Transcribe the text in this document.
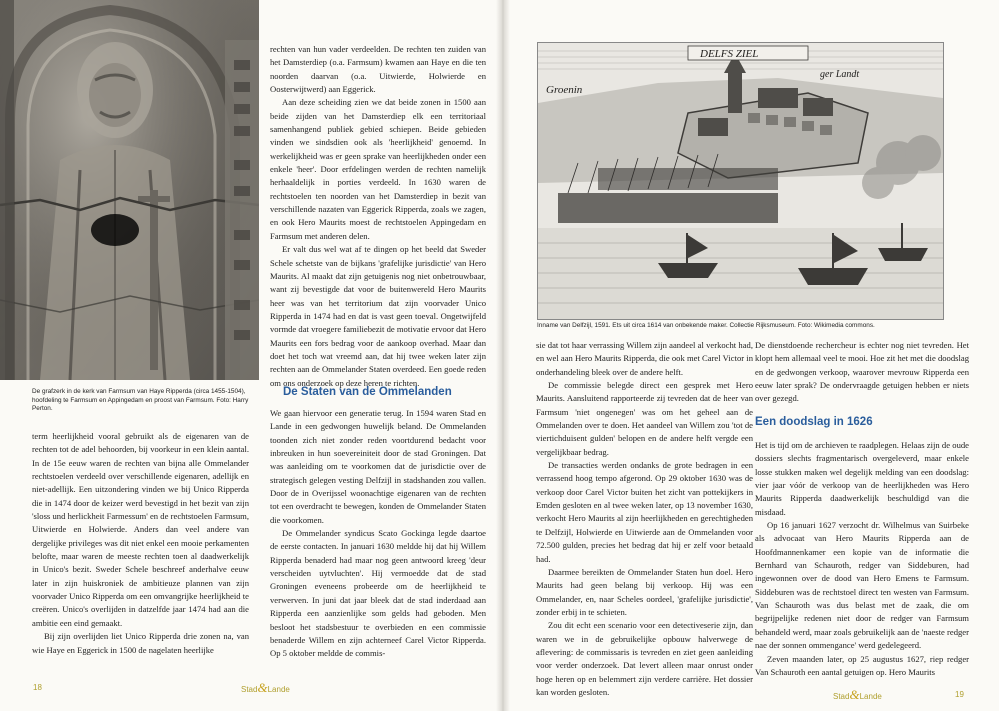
De grafzerk in de kerk van Farmsum van Haye Ripperda (circa 1455-1504), hoofdeling te Farmsum en Appingedam en proost van Farmsum. Foto: Harry Perton.

term heerlijkheid vooral gebruikt als de eigenaren van de rechten tot de adel behoorden, bij voorkeur in een klein aantal. In de 15e eeuw waren de rechten van bijna alle Ommelander rechtstoelen verdeeld over verschillende eigenaren, adellijk en niet-adellijk. Een uitzondering vinden we bij Unico Ripperda die in 1474 door de keizer werd bevestigd in het bezit van zijn 'sloss und herlickheit Farmessum' en de rechtstoelen Farmsum, Uitwierde en Holwierde. Anders dan veel andere van dergelijke privileges was dit niet enkel een mooie perkamenten belofte, maar waren de meeste rechten toen al daadwerkelijk in Unico's bezit. Sweder Schele beschreef anderhalve eeuw later in zijn huiskroniek de ambitieuze plannen van zijn voorvader Unico Ripperda om een omvangrijke heerlijkheid te creëren. Unico's overlijden in datzelfde jaar 1474 had aan die ambitie een eind gemaakt.

Bij zijn overlijden liet Unico Ripperda drie zonen na, van wie Haye en Eggerick in 1500 de nagelaten heerlijke

rechten van hun vader verdeelden. De rechten ten zuiden van het Damsterdiep (o.a. Farmsum) kwamen aan Haye en die ten noorden daarvan (o.a. Uitwierde, Holwierde en Oosterwijtwerd) aan Eggerick.

Aan deze scheiding zien we dat beide zonen in 1500 aan beide zijden van het Damsterdiep elk een territoriaal samenhangend publiek gebied schiepen. Beide gebieden vinden we sindsdien ook als 'heerlijkheid' genoemd. In werkelijkheid was er geen sprake van heerlijkheden onder een enkele 'heer'. Door erfdelingen werden de rechten namelijk herhaaldelijk in porties verdeeld. In 1630 waren de rechtstoelen ten noorden van het Damsterdiep in bezit van verschillende nazaten van Eggerick Ripperda, zoals we zagen, en ook Hero Maurits moest de rechtstoelen Appingedam en Farmsum met anderen delen.

Er valt dus wel wat af te dingen op het beeld dat Sweder Schele schetste van de bijkans 'grafelijke jurisdictie' van Hero Maurits. Al maakt dat zijn getuigenis nog niet onbetrouwbaar, want zij bevestigde dat voor de buitenwereld Hero Maurits heer was van het territorium dat zijn voorvader Unico Ripperda in 1474 had en dat is vast geen toeval. Ongetwijfeld vormde dat vroegere familiebezit de motivatie ervoor dat Hero Maurits een fors bedrag voor de aankoop overhad. Maar dan doet het toch wat vreemd aan, dat hij twee weken later zijn rechten aan de Ommelander Staten overdeed. Een goede reden om ons onderzoek op deze heren te richten.

De Staten van de Ommelanden

We gaan hiervoor een generatie terug. In 1594 waren Stad en Lande in een gedwongen huwelijk beland. De Ommelanden toonden zich niet zonder reden voortdurend bedacht voor inbreuken in hun soevereiniteit door de stad Groningen. Dat was aanleiding om te voorkomen dat de jurisdictie over de strategisch gelegen vesting Delfzijl in stadshanden zou vallen. Door de in Overijssel woonachtige eigenaren van de rechten tot een overdracht te bewegen, konden de Ommelander Staten die voorkomen.

De Ommelander syndicus Scato Gockinga legde daartoe de eerste contacten. In januari 1630 meldde hij dat hij Willem Ripperda benaderd had maar nog geen antwoord kreeg 'deur verscheiden uytvluchten'. Hij vermoedde dat de stad Groningen eveneens probeerde om de heerlijkheid te verwerven. In juni dat jaar bleek dat de stad inderdaad aan Ripperda een aanzienlijke som gelds had geboden. Men besloot het stadsbestuur te overbieden en een commissie benaderde Willem en zijn achterneef Carel Victor Ripperda. Op 5 oktober meldde de commis-

18	Stad&Lande
DELFS ZIEL
Groenin
ger Landt
Inname van Delfzijl, 1591. Ets uit circa 1614 van onbekende maker. Collectie Rijksmuseum. Foto: Wikimedia commons.

sie dat tot haar verrassing Willem zijn aandeel al verkocht had, en wel aan Hero Maurits Ripperda, die ook met Carel Victor in onderhandeling bleek over de andere helft.

De commissie belegde direct een gesprek met Hero Maurits. Aansluitend rapporteerde zij tevreden dat de heer van Farmsum 'niet ongenegen' was om het geheel aan de Ommelanden over te doen. Het aandeel van Willem zou 'tot de viertichduisent gulden' belopen en de andere helft vergde een vergelijkbaar bedrag.

De transacties werden ondanks de grote bedragen in een verrassend hoog tempo afgerond. Op 29 oktober 1630 was de verkoop door Carel Victor buiten het zicht van pottekijkers in Emden gesloten en al twee weken later, op 13 november 1630, verkocht Hero Maurits al zijn heerlijkheden en gerechtigheden te Delfzijl, Holwierde en Uitwierde aan de Ommelanden voor 72.500 gulden, precies het bedrag dat hij er zelf voor betaald had.

Daarmee bereikten de Ommelander Staten hun doel. Hero Maurits had geen belang bij verkoop. Hij was een Ommelander, en, naar Scheles oordeel, 'grafelijke jurisdictie', zonder erbij in te schieten.

Zou dit echt een scenario voor een detectiveserie zijn, dan waren we in de gebruikelijke opbouw halverwege de aflevering: de commissaris is tevreden en ziet geen aanleiding voor verder onderzoek. Dat levert alleen maar onrust onder hoge heren op en belemmert zijn verdere carrière. Het dossier kan worden gesloten.

De dienstdoende rechercheur is echter nog niet tevreden. Het klopt hem allemaal veel te mooi. Hoe zit het met die doodslag en de gedwongen verkoop, waarover mevrouw Ripperda een eeuw later sprak? De ondervraagde getuigen hebben er niets over gezegd.

Een doodslag in 1626

Het is tijd om de archieven te raadplegen. Helaas zijn de oude dossiers slechts fragmentarisch overgeleverd, maar enkele losse stukken maken wel degelijk melding van een doodslag: vier jaar vóór de verkoop van de heerlijkheden was Hero Maurits Ripperda daadwerkelijk beschuldigd van die misdaad.

Op 16 januari 1627 verzocht dr. Wilhelmus van Suirbeke als advocaat van Hero Maurits Ripperda aan de Hoofdmannenkamer een kopie van de informatie die Bernhard van Schauroth, redger van Siddeburen, had ingewonnen over de dood van Hero Emens te Farmsum. Siddeburen was de rechtstoel direct ten westen van Farmsum. Van Schauroth was dus belast met de zaak, die om begrijpelijke redenen niet door de redger van Farmsum behandeld werd, maar zoals gebruikelijk aan de 'naeste redger nae der sonnen ommengance' werd gedelegeerd.

Zeven maanden later, op 25 augustus 1627, riep redger Van Schauroth een aantal getuigen op. Hero Maurits

Stad&Lande	19
